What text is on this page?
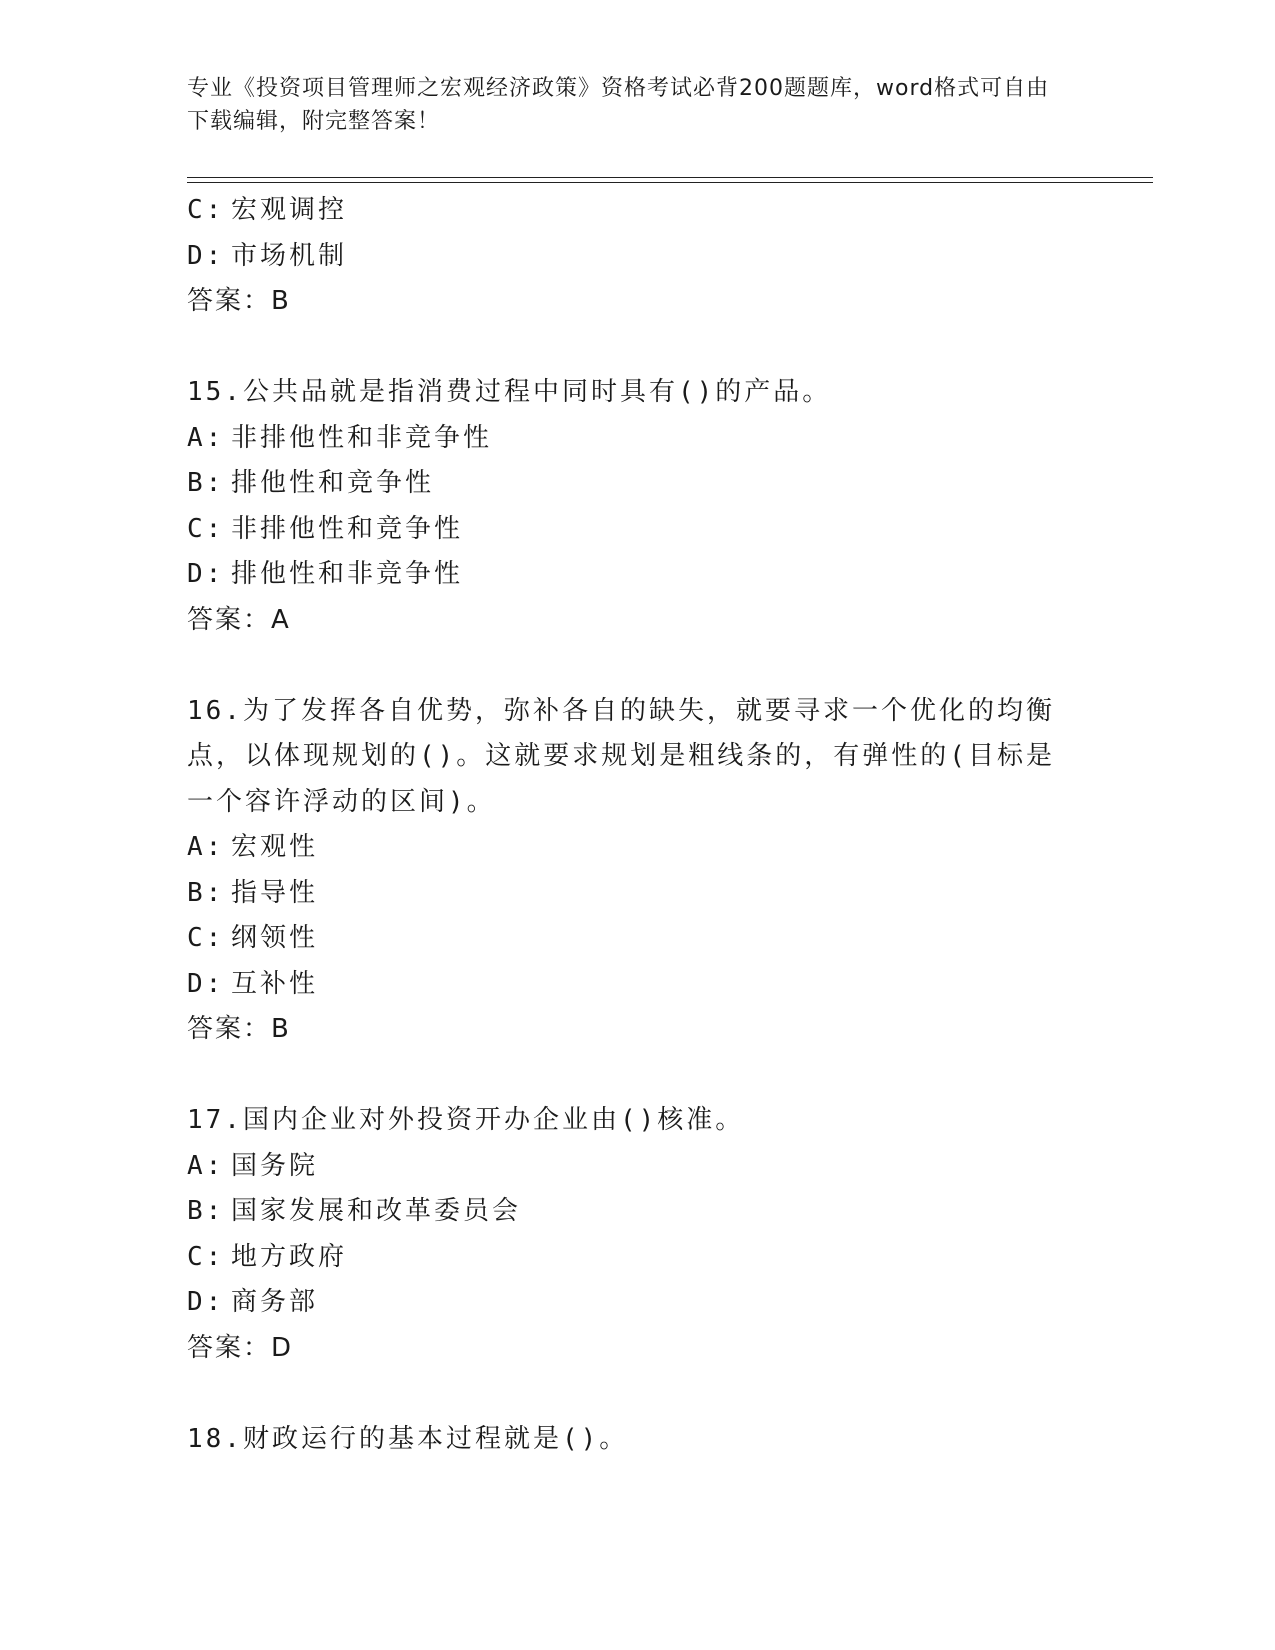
专业《投资项目管理师之宏观经济政策》资格考试必背200题题库，word格式可自由下载编辑，附完整答案！
C: 宏观调控
D: 市场机制
答案：B
15.公共品就是指消费过程中同时具有()的产品。
A: 非排他性和非竞争性
B: 排他性和竞争性
C: 非排他性和竞争性
D: 排他性和非竞争性
答案：A
16.为了发挥各自优势，弥补各自的缺失，就要寻求一个优化的均衡点，以体现规划的()。这就要求规划是粗线条的，有弹性的(目标是一个容许浮动的区间)。
A: 宏观性
B: 指导性
C: 纲领性
D: 互补性
答案：B
17.国内企业对外投资开办企业由()核准。
A: 国务院
B: 国家发展和改革委员会
C: 地方政府
D: 商务部
答案：D
18.财政运行的基本过程就是()。
